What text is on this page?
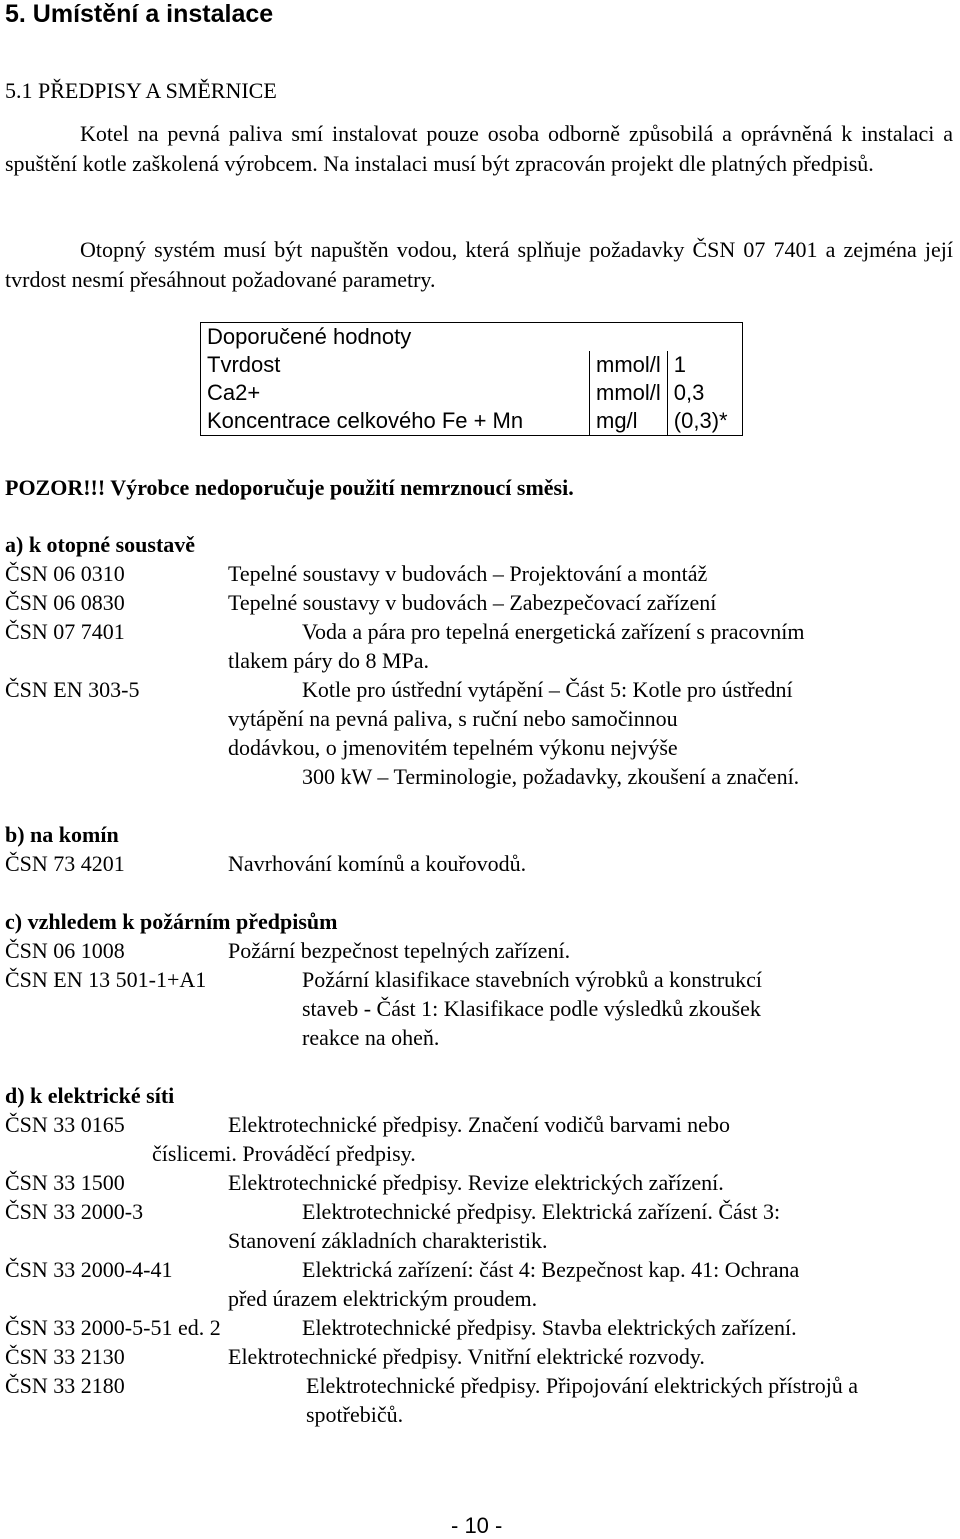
5. Umístění a instalace
5.1 PŘEDPISY A SMĚRNICE
Kotel na pevná paliva smí instalovat pouze osoba odborně způsobilá a oprávněná k instalaci a spuštění kotle zaškolená výrobcem. Na instalaci musí být zpracován projekt dle platných předpisů.
Otopný systém musí být napuštěn vodou, která splňuje požadavky ČSN 07 7401 a zejména její tvrdost nesmí přesáhnout požadované parametry.
Doporučené hodnoty		
Tvrdost	mmol/l	1
Ca2+	mmol/l	0,3
Koncentrace celkového Fe + Mn	mg/l	(0,3)*
POZOR!!! Výrobce nedoporučuje použití nemrznoucí směsi.
a) k otopné soustavě
ČSN 06 0310	Tepelné soustavy v budovách – Projektování a montáž
ČSN 06 0830	Tepelné soustavy v budovách – Zabezpečovací zařízení
ČSN 07 7401	Voda a pára pro tepelná energetická zařízení s pracovním
tlakem páry do 8 MPa.
ČSN EN 303-5	Kotle pro ústřední vytápění – Část 5: Kotle pro ústřední
vytápění na pevná paliva, s ruční nebo samočinnou
dodávkou, o jmenovitém tepelném výkonu nejvýše
300 kW – Terminologie, požadavky, zkoušení a značení.
b) na komín
ČSN 73 4201	Navrhování komínů a kouřovodů.
c) vzhledem k požárním předpisům
ČSN 06 1008	Požární bezpečnost tepelných zařízení.
ČSN EN 13 501-1+A1	Požární klasifikace stavebních výrobků a konstrukcí
staveb - Část 1: Klasifikace podle výsledků zkoušek
reakce na oheň.
d) k elektrické síti
ČSN 33 0165	Elektrotechnické předpisy. Značení vodičů barvami nebo
číslicemi. Prováděcí předpisy.
ČSN 33 1500	Elektrotechnické předpisy. Revize elektrických zařízení.
ČSN 33 2000-3	Elektrotechnické předpisy. Elektrická zařízení. Část 3:
Stanovení základních charakteristik.
ČSN 33 2000-4-41	Elektrická zařízení: část 4: Bezpečnost kap. 41: Ochrana
před úrazem elektrickým proudem.
ČSN 33 2000-5-51 ed. 2	Elektrotechnické předpisy. Stavba elektrických zařízení.
ČSN 33 2130	Elektrotechnické předpisy. Vnitřní elektrické rozvody.
ČSN 33 2180	Elektrotechnické předpisy. Připojování elektrických přístrojů a
spotřebičů.
- 10 -
